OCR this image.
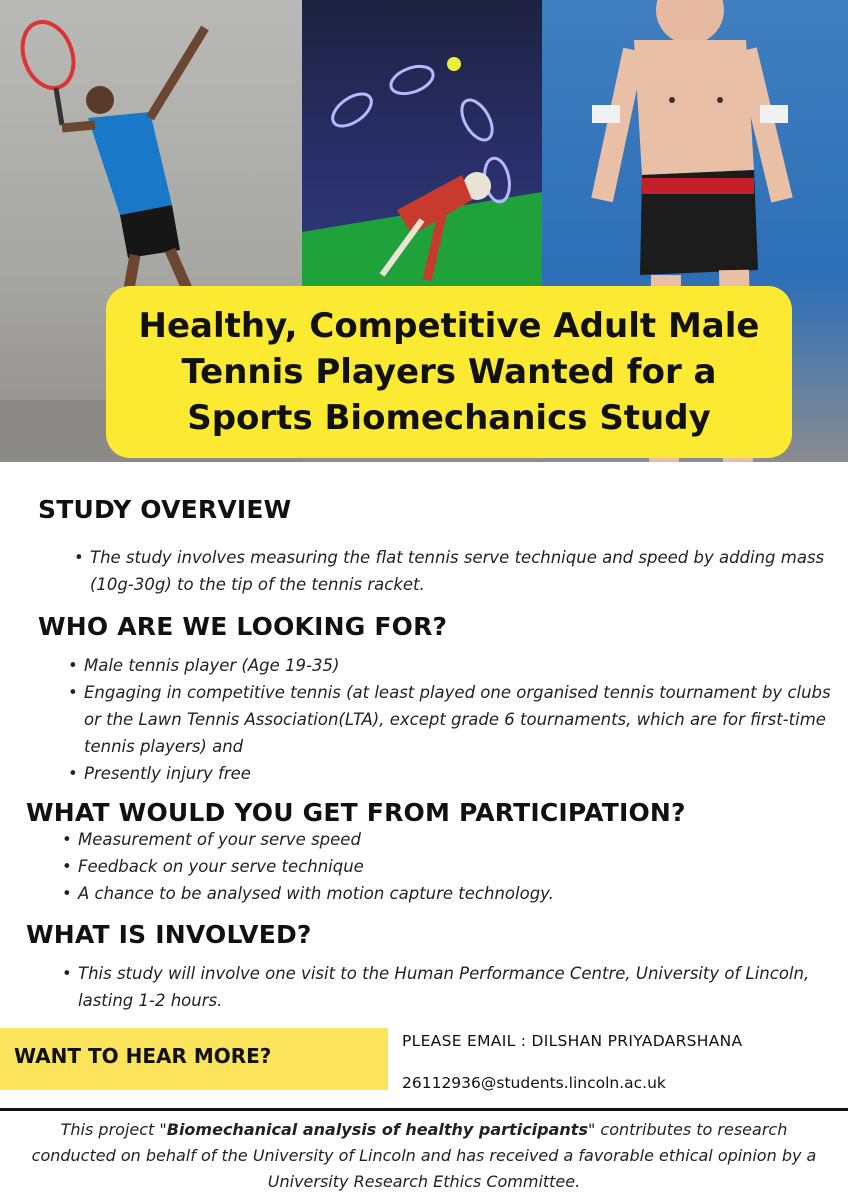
Healthy, Competitive Adult Male Tennis Players Wanted for a Sports Biomechanics Study
STUDY OVERVIEW
• The study involves measuring the flat tennis serve technique and speed by adding mass (10g-30g) to the tip of the tennis racket.
WHO ARE WE LOOKING FOR?
• Male tennis player (Age 19-35)
• Engaging in competitive tennis (at least played one organised tennis tournament by clubs or the Lawn Tennis Association(LTA), except grade 6 tournaments, which are for first-time tennis players) and
• Presently injury free
WHAT WOULD YOU GET FROM PARTICIPATION?
• Measurement of your serve speed
• Feedback on your serve technique
• A chance to be analysed with motion capture technology.
WHAT IS INVOLVED?
• This study will involve one visit to the Human Performance Centre, University of Lincoln, lasting 1-2 hours.
WANT TO HEAR MORE?
PLEASE EMAIL : DILSHAN PRIYADARSHANA
26112936@students.lincoln.ac.uk

This project "Biomechanical analysis of healthy participants" contributes to research conducted on behalf of the University of Lincoln and has received a favorable ethical opinion by a University Research Ethics Committee.
